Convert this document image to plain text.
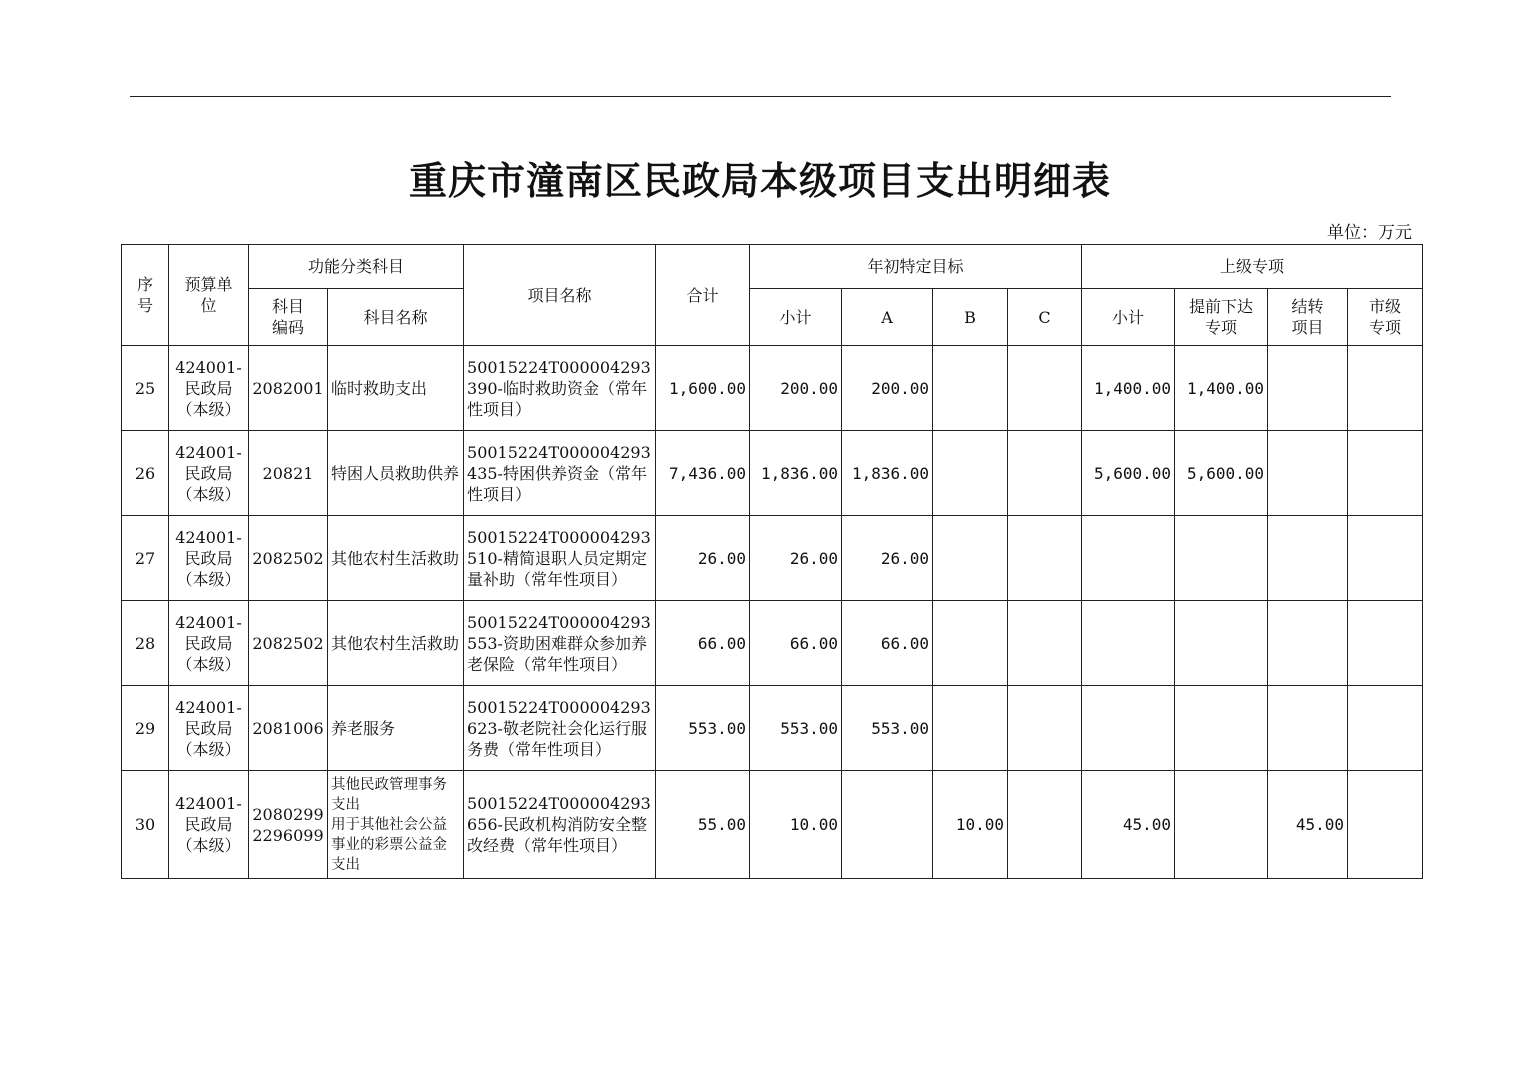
重庆市潼南区民政局本级项目支出明细表
单位：万元
序号	预算单位	功能分类科目		项目名称	合计	年初特定目标				上级专项			
		科目编码	科目名称			小计	A	B	C	小计	提前下达专项	结转项目	市级专项
25	424001-
民政局
（本级）	2082001	临时救助支出	50015224T000004293390-临时救助资金（常年性项目）	1,600.00	200.00	200.00			1,400.00	1,400.00		
26	424001-
民政局
（本级）	20821	特困人员救助供养	50015224T000004293435-特困供养资金（常年性项目）	7,436.00	1,836.00	1,836.00			5,600.00	5,600.00		
27	424001-
民政局
（本级）	2082502	其他农村生活救助	50015224T000004293510-精简退职人员定期定量补助（常年性项目）	26.00	26.00	26.00						
28	424001-
民政局
（本级）	2082502	其他农村生活救助	50015224T000004293553-资助困难群众参加养老保险（常年性项目）	66.00	66.00	66.00						
29	424001-
民政局
（本级）	2081006	养老服务	50015224T000004293623-敬老院社会化运行服务费（常年性项目）	553.00	553.00	553.00						
30	424001-
民政局
（本级）	2080299
2296099	其他民政管理事务支出
用于其他社会公益事业的彩票公益金支出	50015224T000004293656-民政机构消防安全整改经费（常年性项目）	55.00	10.00		10.00		45.00		45.00	
